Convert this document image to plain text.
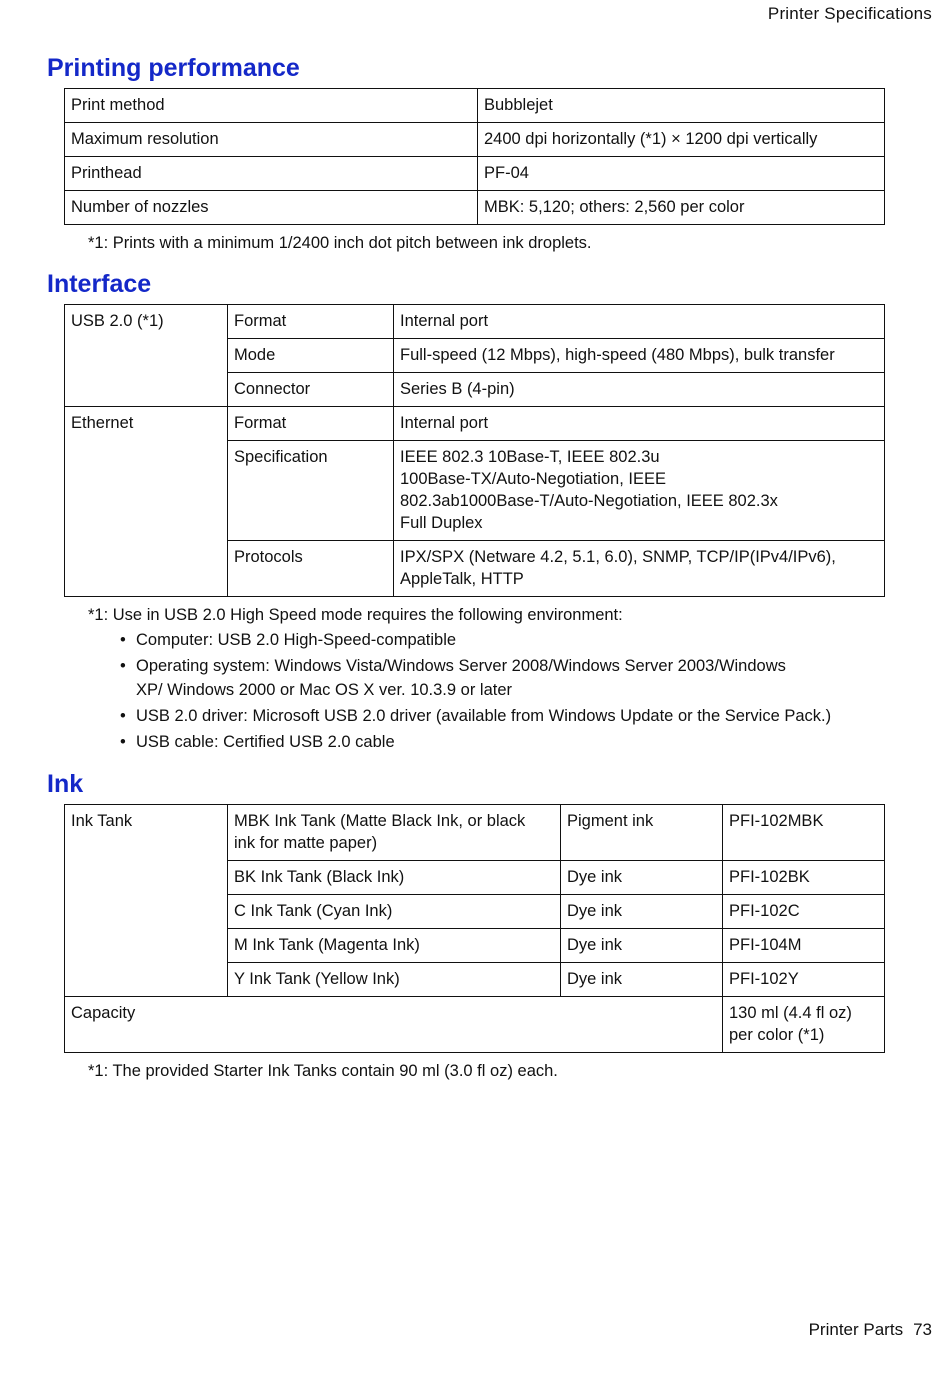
Printer Specifications
Printing performance
Print method	Bubblejet
Maximum resolution	2400 dpi horizontally (*1) × 1200 dpi vertically
Printhead	PF-04
Number of nozzles	MBK: 5,120; others: 2,560 per color
*1: Prints with a minimum 1/2400 inch dot pitch between ink droplets.
Interface
USB 2.0 (*1)	Format	Internal port
	Mode	Full-speed (12 Mbps), high-speed (480 Mbps), bulk transfer
	Connector	Series B (4-pin)
Ethernet	Format	Internal port
	Specification	IEEE 802.3 10Base-T, IEEE 802.3u
100Base-TX/Auto-Negotiation, IEEE
802.3ab1000Base-T/Auto-Negotiation, IEEE 802.3x
Full Duplex

	Protocols	IPX/SPX (Netware 4.2, 5.1, 6.0), SNMP, TCP/IP(IPv4/IPv6),
AppleTalk, HTTP
*1: Use in USB 2.0 High Speed mode requires the following environment:
• Computer: USB 2.0 High-Speed-compatible
• Operating system: Windows Vista/Windows Server 2008/Windows Server 2003/Windows
XP/ Windows 2000 or Mac OS X ver. 10.3.9 or later
• USB 2.0 driver: Microsoft USB 2.0 driver (available from Windows Update or the Service Pack.)
• USB cable: Certified USB 2.0 cable
Ink
Ink Tank	MBK Ink Tank (Matte Black Ink, or black
ink for matte paper)	Pigment ink	PFI-102MBK
	BK Ink Tank (Black Ink)	Dye ink	PFI-102BK
	C Ink Tank (Cyan Ink)	Dye ink	PFI-102C
	M Ink Tank (Magenta Ink)	Dye ink	PFI-104M
	Y Ink Tank (Yellow Ink)	Dye ink	PFI-102Y
Capacity			130 ml (4.4 fl oz)
per color (*1)
*1: The provided Starter Ink Tanks contain 90 ml (3.0 fl oz) each.
Printer Parts 73
